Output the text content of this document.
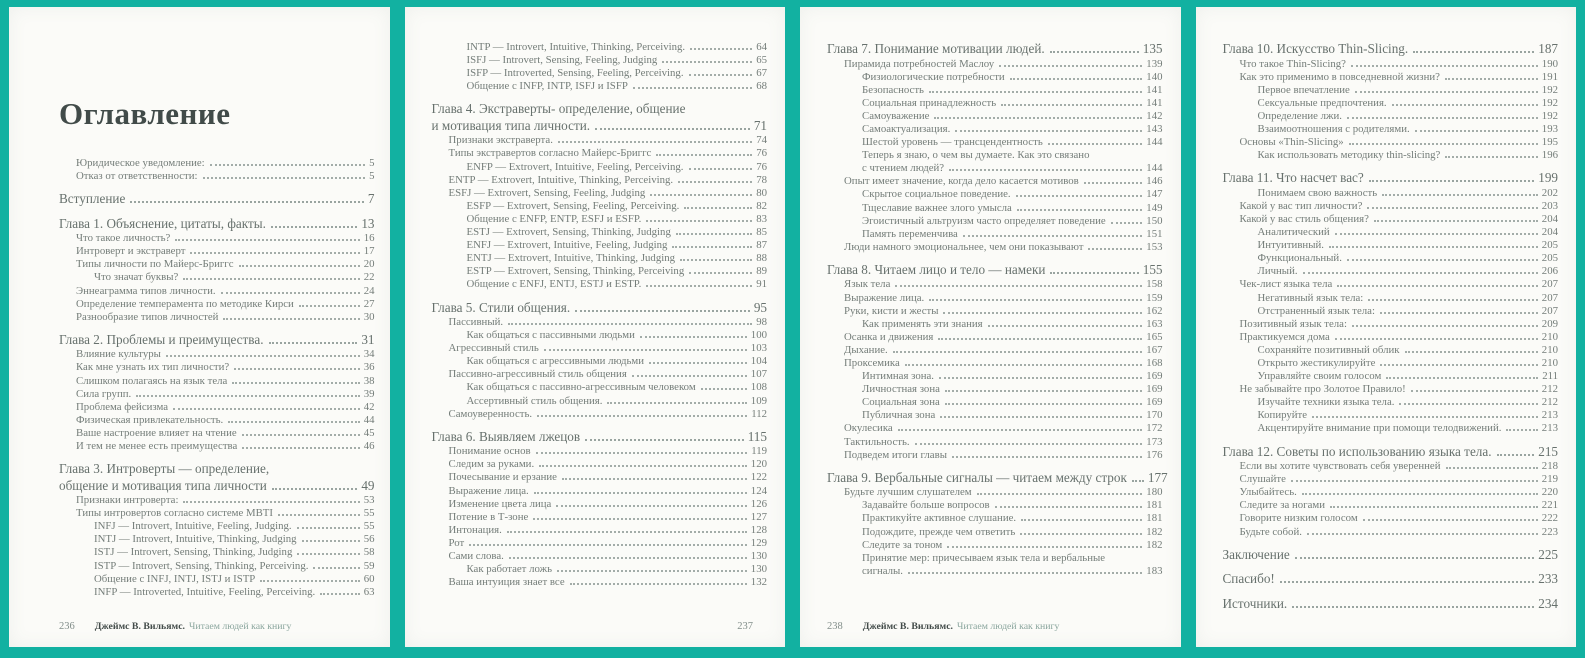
Оглавление
Юридическое уведомление:	5
Отказ от ответственности:	5
Вступление	7
Глава 1. Объяснение, цитаты, факты.	13
Что такое личность?	16
Интроверт и экстраверт	17
Типы личности по Майерс-Бриггс	20
Что значат буквы?	22
Эннеаграмма типов личности.	24
Определение темперамента по методике Кирси	27
Разнообразие типов личностей	30
Глава 2. Проблемы и преимущества.	31
Влияние культуры	34
Как мне узнать их тип личности?	36
Слишком полагаясь на язык тела	38
Сила групп.	39
Проблема фейсизма	42
Физическая привлекательность.	44
Ваше настроение влияет на чтение	45
И тем не менее есть преимущества	46
Глава 3. Интроверты — определение,
общение и мотивация типа личности	49
Признаки интроверта:	53
Типы интровертов согласно системе MBTI	55
INFJ — Introvert, Intuitive, Feeling, Judging.	55
INTJ — Introvert, Intuitive, Thinking, Judging	56
ISTJ — Introvert, Sensing, Thinking, Judging	58
ISTP — Introvert, Sensing, Thinking, Perceiving.	59
Общение с INFJ, INTJ, ISTJ и ISTP	60
INFP — Introverted, Intuitive, Feeling, Perceiving.	63
236 Джеймс В. Вильямс. Читаем людей как книгу
INTP — Introvert, Intuitive, Thinking, Perceiving.	64
ISFJ — Introvert, Sensing, Feeling, Judging	65
ISFP — Introverted, Sensing, Feeling, Perceiving.	67
Общение с INFP, INTP, ISFJ и ISFP	68
Глава 4. Экстраверты- определение, общение
и мотивация типа личности.	71
Признаки экстраверта.	74
Типы экстравертов согласно Майерс-Бриггс	76
ENFP — Extrovert, Intuitive, Feeling, Perceiving.	76
ENTP — Extrovert, Intuitive, Thinking, Perceiving.	78
ESFJ — Extrovert, Sensing, Feeling, Judging	80
ESFP — Extrovert, Sensing, Feeling, Perceiving.	82
Общение с ENFP, ENTP, ESFJ и ESFP.	83
ESTJ — Extrovert, Sensing, Thinking, Judging	85
ENFJ — Extrovert, Intuitive, Feeling, Judging	87
ENTJ — Extrovert, Intuitive, Thinking, Judging	88
ESTP — Extrovert, Sensing, Thinking, Perceiving	89
Общение с ENFJ, ENTJ, ESTJ и ESTP.	91
Глава 5. Стили общения.	95
Пассивный.	98
Как общаться с пассивными людьми	100
Агрессивный стиль	103
Как общаться с агрессивными людьми	104
Пассивно-агрессивный стиль общения	107
Как общаться с пассивно-агрессивным человеком	108
Ассертивный стиль общения.	109
Самоуверенность.	112
Глава 6. Выявляем лжецов	115
Понимание основ	119
Следим за руками.	120
Почесывание и ерзание	122
Выражение лица.	124
Изменение цвета лица	126
Потение в Т-зоне	127
Интонация.	128
Рот	129
Сами слова.	130
Как работает ложь	130
Ваша интуиция знает все	132
237
Глава 7. Понимание мотивации людей.	135
Пирамида потребностей Маслоу	139
Физиологические потребности	140
Безопасность	141
Социальная принадлежность	141
Самоуважение	142
Самоактуализация.	143
Шестой уровень — трансцендентность	144
Теперь я знаю, о чем вы думаете. Как это связано
с чтением людей?	144
Опыт имеет значение, когда дело касается мотивов	146
Скрытое социальное поведение.	147
Тщеславие важнее злого умысла	149
Эгоистичный альтруизм часто определяет поведение	150
Память переменчива	151
Люди намного эмоциональнее, чем они показывают	153
Глава 8. Читаем лицо и тело — намеки	155
Язык тела	158
Выражение лица.	159
Руки, кисти и жесты	162
Как применять эти знания	163
Осанка и движения	165
Дыхание.	167
Проксемика	168
Интимная зона.	169
Личностная зона	169
Социальная зона	169
Публичная зона	170
Окулесика	172
Тактильность.	173
Подведем итоги главы	176
Глава 9. Вербальные сигналы — читаем между строк 177
Будьте лучшим слушателем	180
Задавайте больше вопросов	181
Практикуйте активное слушание.	181
Подождите, прежде чем ответить	182
Следите за тоном	182
Принятие мер: причесываем язык тела и вербальные
сигналы.	183
238 Джеймс В. Вильямс. Читаем людей как книгу
Глава 10. Искусство Thin-Slicing.	187
Что такое Thin-Slicing?	190
Как это применимо в повседневной жизни?	191
Первое впечатление	192
Сексуальные предпочтения.	192
Определение лжи.	192
Взаимоотношения с родителями.	193
Основы «Thin-Slicing»	195
Как использовать методику thin-slicing?	196
Глава 11. Что насчет вас?	199
Понимаем свою важность	202
Какой у вас тип личности?	203
Какой у вас стиль общения?	204
Аналитический	204
Интуитивный.	205
Функциональный.	205
Личный.	206
Чек-лист языка тела	207
Негативный язык тела:	207
Отстраненный язык тела:	207
Позитивный язык тела:	209
Практикуемся дома	210
Сохраняйте позитивный облик	210
Открыто жестикулируйте	210
Управляйте своим голосом	211
Не забывайте про Золотое Правило!	212
Изучайте техники языка тела.	212
Копируйте	213
Акцентируйте внимание при помощи телодвижений.	213
Глава 12. Советы по использованию языка тела.	215
Если вы хотите чувствовать себя уверенней	218
Слушайте	219
Улыбайтесь.	220
Следите за ногами	221
Говорите низким голосом	222
Будьте собой.	223
Заключение	225
Спасибо!	233
Источники.	234
